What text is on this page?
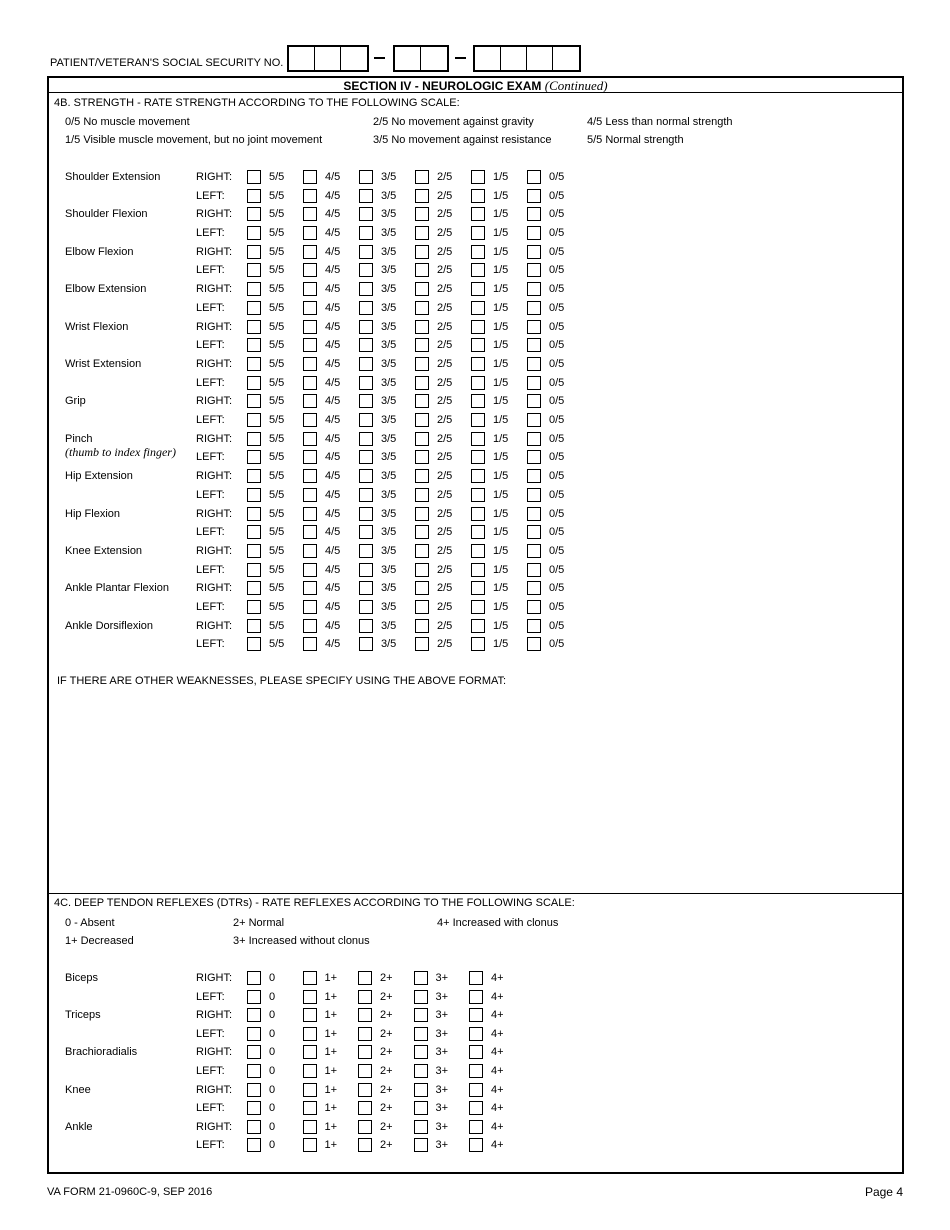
PATIENT/VETERAN'S SOCIAL SECURITY NO.
SECTION IV - NEUROLOGIC EXAM (Continued)
4B. STRENGTH - RATE STRENGTH ACCORDING TO THE FOLLOWING SCALE:
0/5 No muscle movement
1/5 Visible muscle movement, but no joint movement
2/5 No movement against gravity
3/5 No movement against resistance
4/5 Less than normal strength
5/5 Normal strength
Shoulder Extension	RIGHT:	5/5	4/5	3/5	2/5	1/5	0/5
LEFT:	5/5	4/5	3/5	2/5	1/5	0/5
Shoulder Flexion	RIGHT:	5/5	4/5	3/5	2/5	1/5	0/5
LEFT:	5/5	4/5	3/5	2/5	1/5	0/5
Elbow Flexion	RIGHT:	5/5	4/5	3/5	2/5	1/5	0/5
LEFT:	5/5	4/5	3/5	2/5	1/5	0/5
Elbow Extension	RIGHT:	5/5	4/5	3/5	2/5	1/5	0/5
LEFT:	5/5	4/5	3/5	2/5	1/5	0/5
Wrist Flexion	RIGHT:	5/5	4/5	3/5	2/5	1/5	0/5
LEFT:	5/5	4/5	3/5	2/5	1/5	0/5
Wrist Extension	RIGHT:	5/5	4/5	3/5	2/5	1/5	0/5
LEFT:	5/5	4/5	3/5	2/5	1/5	0/5
Grip	RIGHT:	5/5	4/5	3/5	2/5	1/5	0/5
LEFT:	5/5	4/5	3/5	2/5	1/5	0/5
Pinch
(thumb to index finger)
RIGHT:	5/5	4/5	3/5	2/5	1/5	0/5
LEFT:	5/5	4/5	3/5	2/5	1/5	0/5
Hip Extension	RIGHT:	5/5	4/5	3/5	2/5	1/5	0/5
LEFT:	5/5	4/5	3/5	2/5	1/5	0/5
Hip Flexion	RIGHT:	5/5	4/5	3/5	2/5	1/5	0/5
LEFT:	5/5	4/5	3/5	2/5	1/5	0/5
Knee Extension	RIGHT:	5/5	4/5	3/5	2/5	1/5	0/5
LEFT:	5/5	4/5	3/5	2/5	1/5	0/5
Ankle Plantar Flexion RIGHT:	5/5	4/5	3/5	2/5	1/5	0/5
LEFT:	5/5	4/5	3/5	2/5	1/5	0/5
Ankle Dorsiflexion	RIGHT:	5/5	4/5	3/5	2/5	1/5	0/5
LEFT:	5/5	4/5	3/5	2/5	1/5	0/5
IF THERE ARE OTHER WEAKNESSES, PLEASE SPECIFY USING THE ABOVE FORMAT:
4C. DEEP TENDON REFLEXES (DTRs) - RATE REFLEXES ACCORDING TO THE FOLLOWING SCALE:
0 - Absent
1+ Decreased
2+ Normal
3+ Increased without clonus
4+ Increased with clonus
Biceps	RIGHT:	0	1+	2+	3+	4+
LEFT:	0	1+	2+	3+	4+
Triceps	RIGHT:	0	1+	2+	3+	4+
LEFT:	0	1+	2+	3+	4+
Brachioradialis	RIGHT:	0	1+	2+	3+	4+
LEFT:	0	1+	2+	3+	4+
Knee	RIGHT:	0	1+	2+	3+	4+
LEFT:	0	1+	2+	3+	4+
Ankle	RIGHT:	0	1+	2+	3+	4+
LEFT:	0	1+	2+	3+	4+
VA FORM 21-0960C-9, SEP 2016	Page 4
